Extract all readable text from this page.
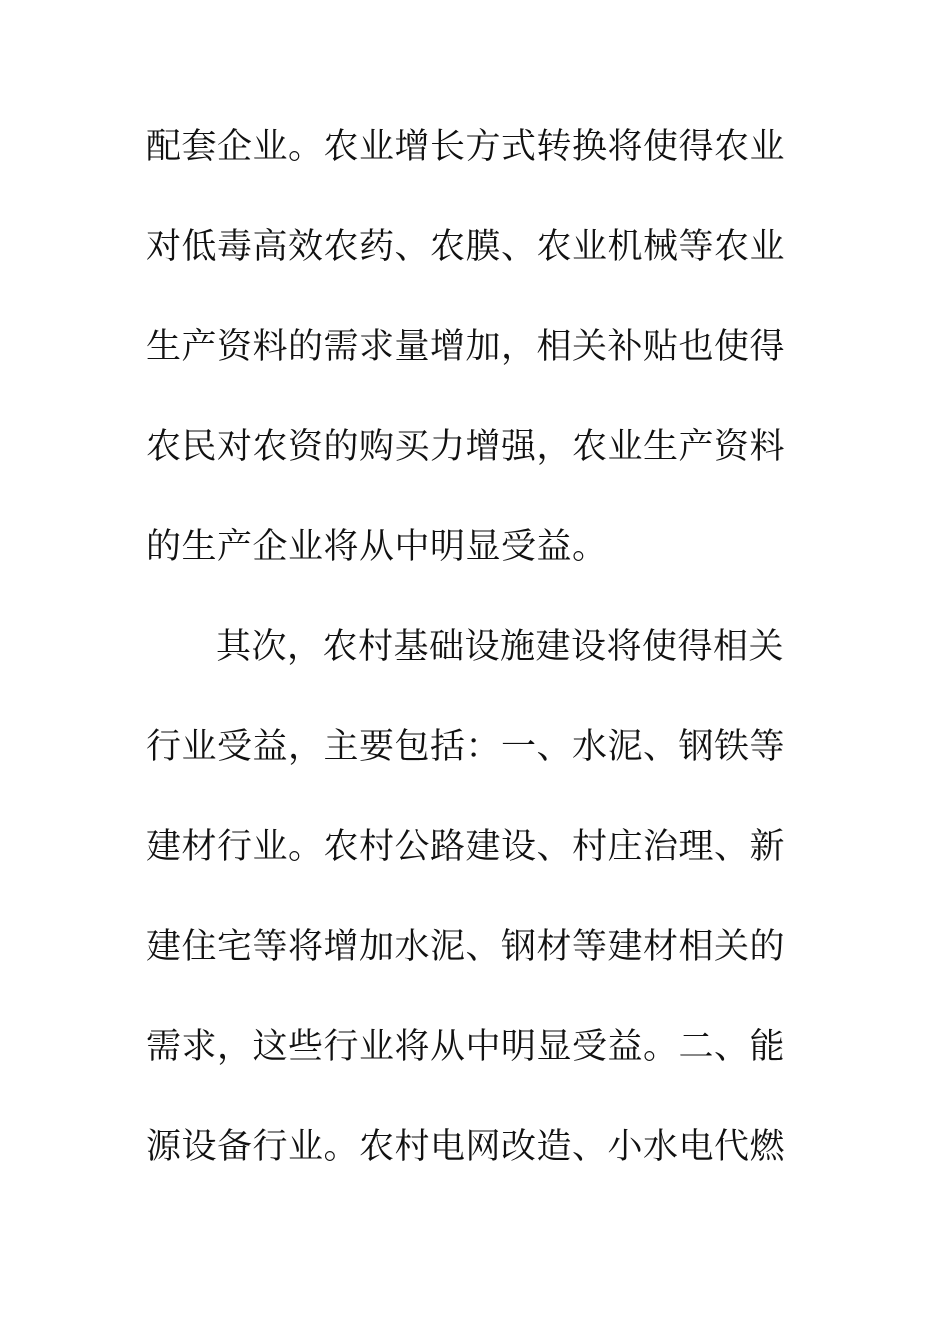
配套企业。农业增长方式转换将使得农业
对低毒高效农药、农膜、农业机械等农业
生产资料的需求量增加，相关补贴也使得
农民对农资的购买力增强，农业生产资料
的生产企业将从中明显受益。
其次，农村基础设施建设将使得相关
行业受益，主要包括：一、水泥、钢铁等
建材行业。农村公路建设、村庄治理、新
建住宅等将增加水泥、钢材等建材相关的
需求，这些行业将从中明显受益。二、能
源设备行业。农村电网改造、小水电代燃
